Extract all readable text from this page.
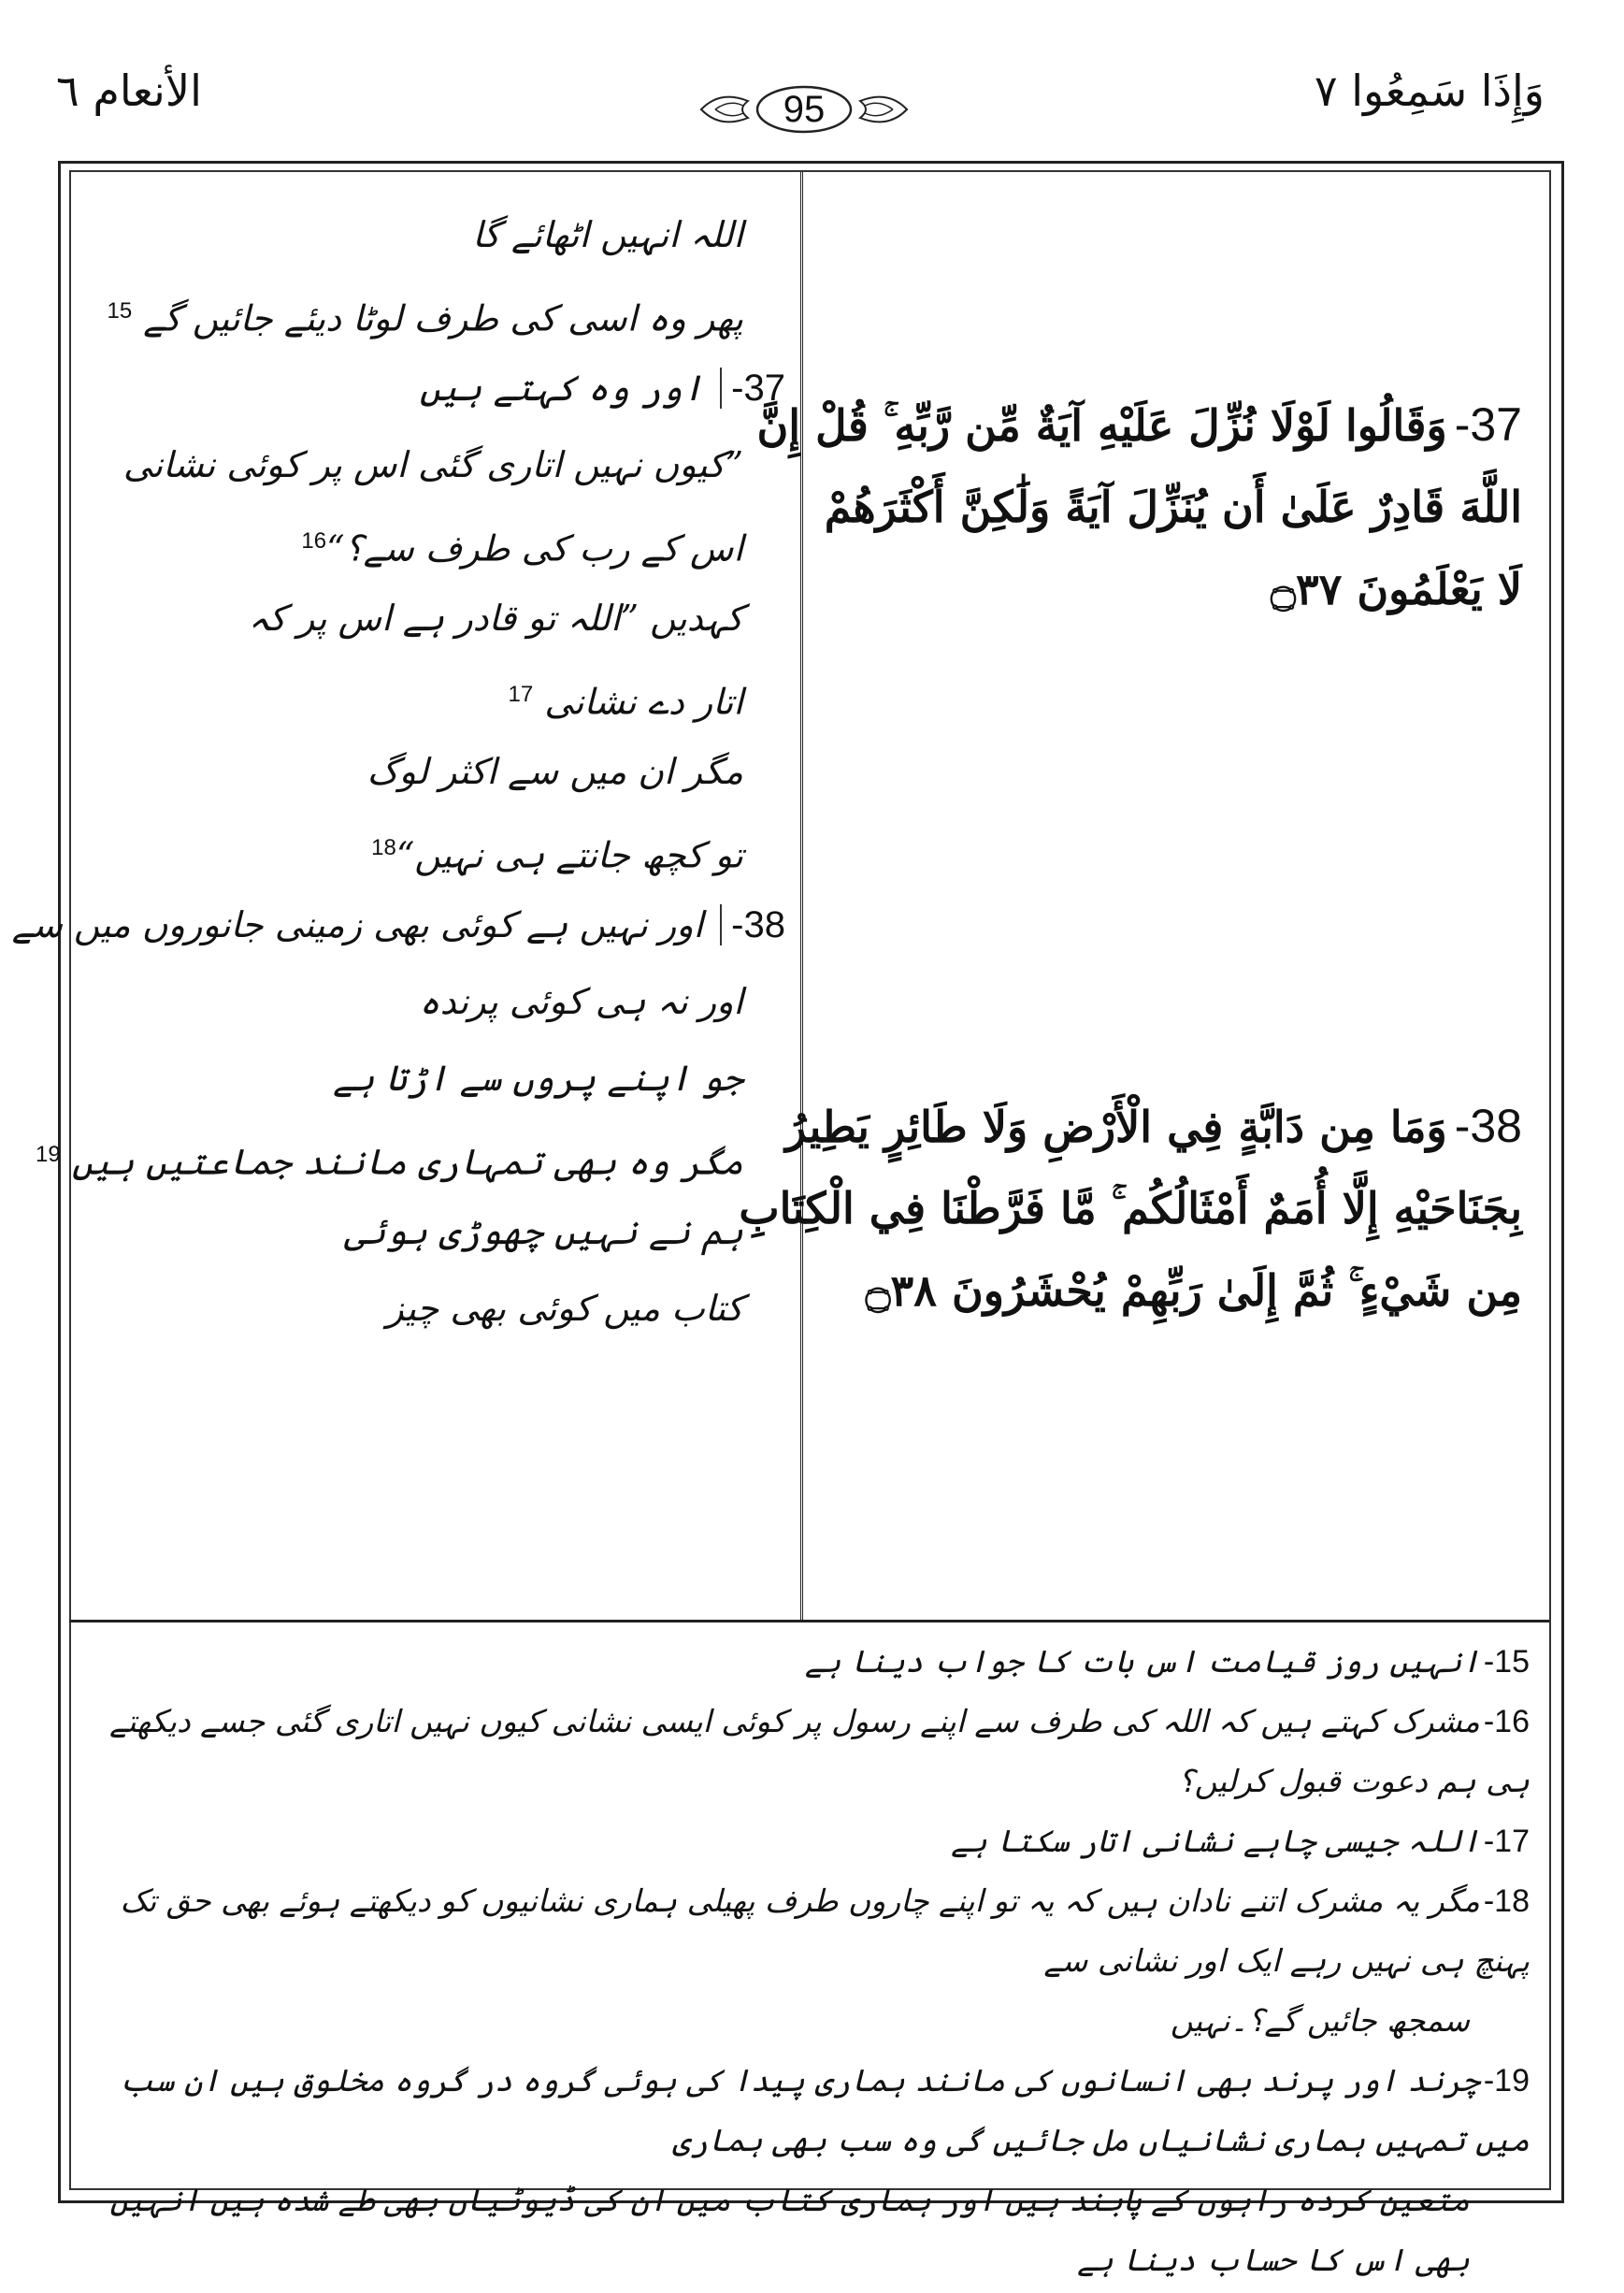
وَإِذَا سَمِعُوا ۷
الأنعام ٦	95
اللہ انہیں اٹھائے گا
پھر وہ اسی کی طرف لوٹا دیئے جائیں گے $^{15}$
37-اور وہ کہتے ہیں
”کیوں نہیں اتاری گئی اس پر کوئی نشانی
اس کے رب کی طرف سے؟“$^{16}$
کہدیں ”اللہ تو قادر ہے اس پر کہ
اتار دے نشانی $^{17}$
مگر ان میں سے اکثر لوگ
تو کچھ جانتے ہی نہیں“$^{18}$
38-اور نہیں ہے کوئی بھی زمینی جانوروں میں سے
اور نہ ہی کوئی پرندہ
جو اپنے پروں سے اڑتا ہے
مگر وہ بھی تمہاری مانند جماعتیں ہیں $^{19}$
ہم نے نہیں چھوڑی ہوئی
کتاب میں کوئی بھی چیز
37-وَقَالُوا لَوْلَا نُزِّلَ عَلَيْهِ آيَةٌ مِّن رَّبِّهِ ۚ قُلْ إِنَّ
اللَّهَ قَادِرٌ عَلَىٰ أَن يُنَزِّلَ آيَةً وَلَٰكِنَّ أَكْثَرَهُمْ
لَا يَعْلَمُونَ ۝٣٧
38-وَمَا مِن دَابَّةٍ فِي الْأَرْضِ وَلَا طَائِرٍ يَطِيرُ
بِجَنَاحَيْهِ إِلَّا أُمَمٌ أَمْثَالُكُم ۚ مَّا فَرَّطْنَا فِي الْكِتَابِ
مِن شَيْءٍ ۚ ثُمَّ إِلَىٰ رَبِّهِمْ يُحْشَرُونَ ۝٣٨
15-انہیں روز قیامت اس بات کا جواب دینا ہے
16-مشرک کہتے ہیں کہ اللہ کی طرف سے اپنے رسول پر کوئی ایسی نشانی کیوں نہیں اتاری گئی جسے دیکھتے ہی ہم دعوت قبول کرلیں؟
17-اللہ جیسی چاہے نشانی اتار سکتا ہے
18-مگر یہ مشرک اتنے نادان ہیں کہ یہ تو اپنے چاروں طرف پھیلی ہماری نشانیوں کو دیکھتے ہوئے بھی حق تک پہنچ ہی نہیں رہے ایک اور نشانی سے
سمجھ جائیں گے؟۔نہیں
19-چرند اور پرند بھی انسانوں کی مانند ہماری پیدا کی ہوئی گروہ در گروہ مخلوق ہیں ان سب میں تمہیں ہماری نشانیاں مل جائیں گی وہ سب بھی ہماری
متعین کردہ راہوں کے پابند ہیں اور ہماری کتاب میں ان کی ڈیوٹیاں بھی طے شدہ ہیں انہیں بھی اس کا حساب دینا ہے
